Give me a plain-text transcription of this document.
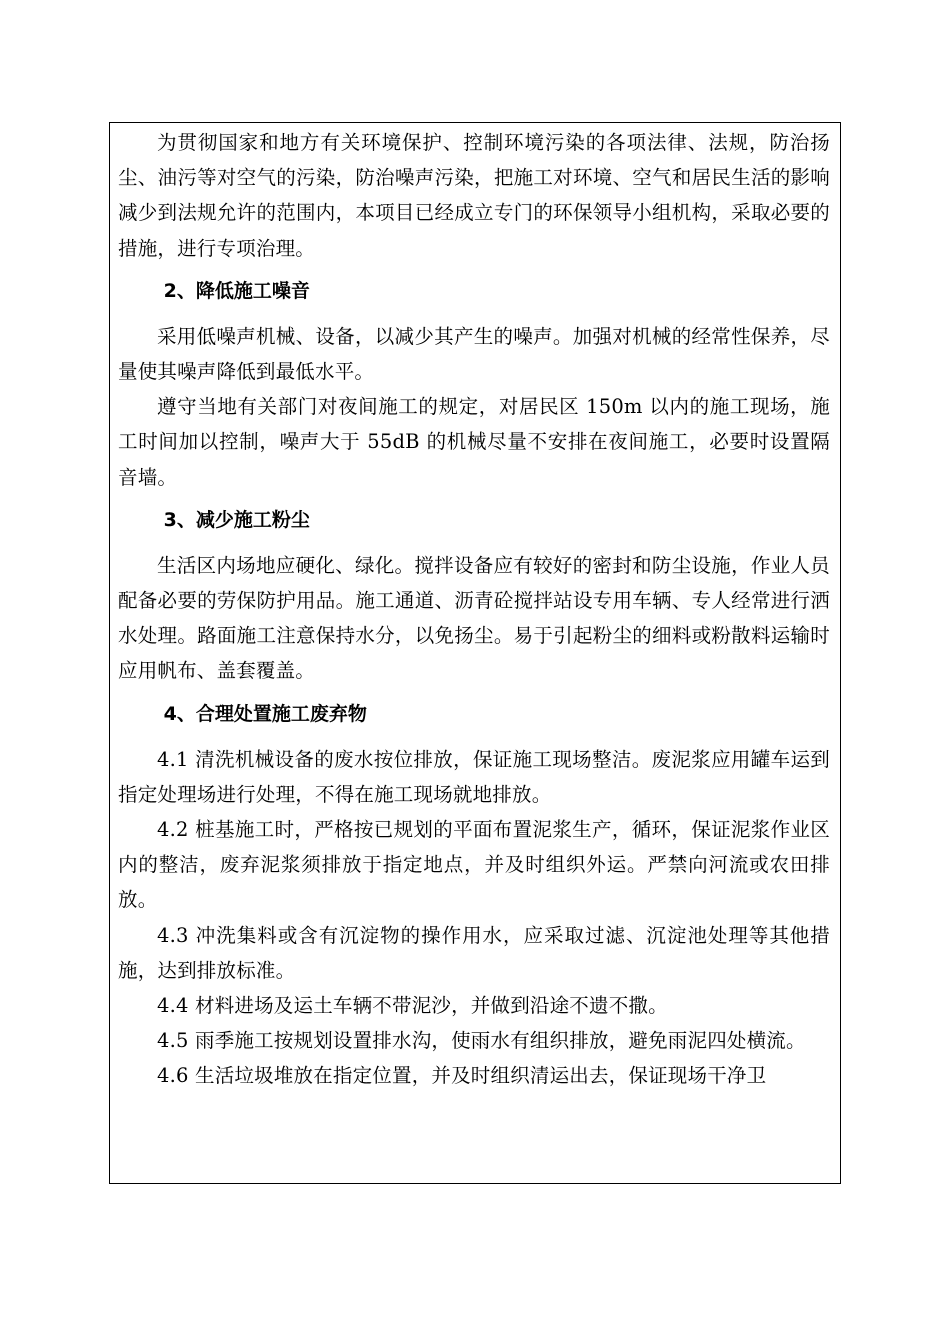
为贯彻国家和地方有关环境保护、控制环境污染的各项法律、法规，防治扬尘、油污等对空气的污染，防治噪声污染，把施工对环境、空气和居民生活的影响减少到法规允许的范围内，本项目已经成立专门的环保领导小组机构，采取必要的措施，进行专项治理。

2、降低施工噪音

采用低噪声机械、设备，以减少其产生的噪声。加强对机械的经常性保养，尽量使其噪声降低到最低水平。

遵守当地有关部门对夜间施工的规定，对居民区 150m 以内的施工现场，施工时间加以控制，噪声大于 55dB 的机械尽量不安排在夜间施工，必要时设置隔音墙。

3、减少施工粉尘

生活区内场地应硬化、绿化。搅拌设备应有较好的密封和防尘设施，作业人员配备必要的劳保防护用品。施工通道、沥青砼搅拌站设专用车辆、专人经常进行洒水处理。路面施工注意保持水分，以免扬尘。易于引起粉尘的细料或粉散料运输时应用帆布、盖套覆盖。

4、合理处置施工废弃物

4.1 清洗机械设备的废水按位排放，保证施工现场整洁。废泥浆应用罐车运到指定处理场进行处理，不得在施工现场就地排放。

4.2 桩基施工时，严格按已规划的平面布置泥浆生产，循环，保证泥浆作业区内的整洁，废弃泥浆须排放于指定地点，并及时组织外运。严禁向河流或农田排放。

4.3 冲洗集料或含有沉淀物的操作用水，应采取过滤、沉淀池处理等其他措施，达到排放标准。

4.4 材料进场及运土车辆不带泥沙，并做到沿途不遗不撒。

4.5 雨季施工按规划设置排水沟，使雨水有组织排放，避免雨泥四处横流。

4.6 生活垃圾堆放在指定位置，并及时组织清运出去，保证现场干净卫
